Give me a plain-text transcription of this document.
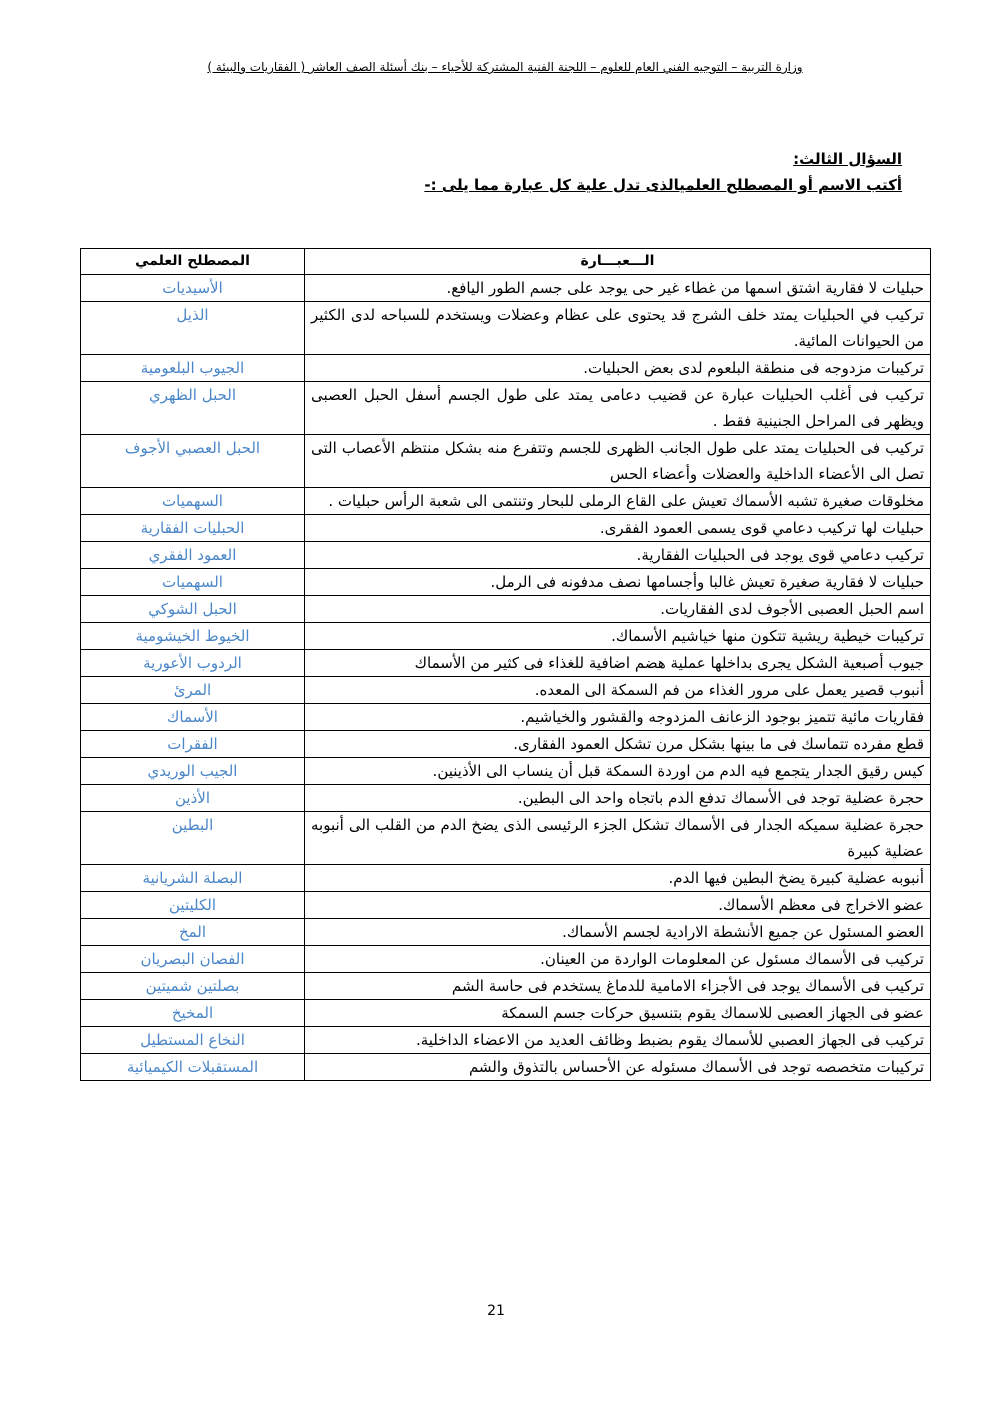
وزارة التربية – التوجيه الفني العام للعلوم – اللجنة الفنية المشتركة للأحياء – بنك أسئلة الصف العاشر ( الفقاريات والبيئة )
السؤال الثالث:
أكتب الاسم أو المصطلح العلميالذى تدل علية كل عبارة مما يلى :-
الـــعبـــارة	المصطلح العلمي
حبليات لا فقارية اشتق اسمها من غطاء غير حى يوجد على جسم الطور اليافع.	الأسيديات
تركيب في الحبليات يمتد خلف الشرج قد يحتوى على عظام وعضلات ويستخدم للسباحه لدى الكثير من الحيوانات المائية.	الذيل
تركيبات مزدوجه فى منطقة البلعوم لدى بعض الحبليات.	الجيوب البلعومية
تركيب فى أغلب الحبليات عبارة عن قضيب دعامى يمتد على طول الجسم أسفل الحبل العصبى ويظهر فى المراحل الجنينية فقط .	الحبل الظهري
تركيب فى الحبليات يمتد على طول الجانب الظهرى للجسم وتتفرع منه بشكل منتظم الأعصاب التى تصل الى الأعضاء الداخلية والعضلات وأعضاء الحس	الحبل العصبي الأجوف
مخلوقات صغيرة تشبه الأسماك تعيش على القاع الرملى للبحار وتنتمى الى شعبة الرأس حبليات .	السهميات
حبليات لها تركيب دعامي قوى يسمى العمود الفقرى.	الحبليات الفقارية
تركيب دعامي قوى يوجد فى الحبليات الفقارية.	العمود الفقري
حبليات لا فقارية صغيرة تعيش غالبا وأجسامها نصف مدفونه فى الرمل.	السهميات
اسم الحبل العصبى الأجوف لدى الفقاريات.	الحبل الشوكي
تركيبات خيطية ريشية تتكون منها خياشيم الأسماك.	الخيوط الخيشومية
جيوب أصبعية الشكل يجرى بداخلها عملية هضم اضافية للغذاء فى كثير من الأسماك	الردوب الأعورية
أنبوب قصير يعمل على مرور الغذاء من فم السمكة الى المعده.	المرئ
فقاريات مائية تتميز بوجود الزعانف المزدوجه والقشور والخياشيم.	الأسماك
قطع مفرده تتماسك فى ما بينها بشكل مرن تشكل العمود الفقارى.	الفقرات
كيس رقيق الجدار يتجمع فيه الدم من اوردة السمكة قبل أن ينساب الى الأذينين.	الجيب الوريدي
حجرة عضلية توجد فى الأسماك تدفع الدم باتجاه واحد الى البطين.	الأذين
حجرة عضلية سميكه الجدار فى الأسماك تشكل الجزء الرئيسى الذى يضخ الدم من القلب الى أنبوبه عضلية كبيرة	البطين
أنبوبه عضلية كبيرة يضخ البطين فيها الدم.	البصلة الشريانية
عضو الاخراج فى معظم الأسماك.	الكليتين
العضو المسئول عن جميع الأنشطة الارادية لجسم الأسماك.	المخ
تركيب فى الأسماك مسئول عن المعلومات الواردة من العينان.	الفصان البصريان
تركيب فى الأسماك يوجد فى الأجزاء الامامية للدماغ يستخدم فى حاسة الشم	بصلتين شميتين
عضو فى الجهاز العصبى للاسماك يقوم بتنسيق حركات جسم السمكة	المخيخ
تركيب فى الجهاز العصبي للأسماك يقوم بضبط وظائف العديد من الاعضاء الداخلية.	النخاع المستطيل
تركيبات متخصصه توجد فى الأسماك مسئوله عن الأحساس بالتذوق والشم	المستقبلات الكيميائية
21
